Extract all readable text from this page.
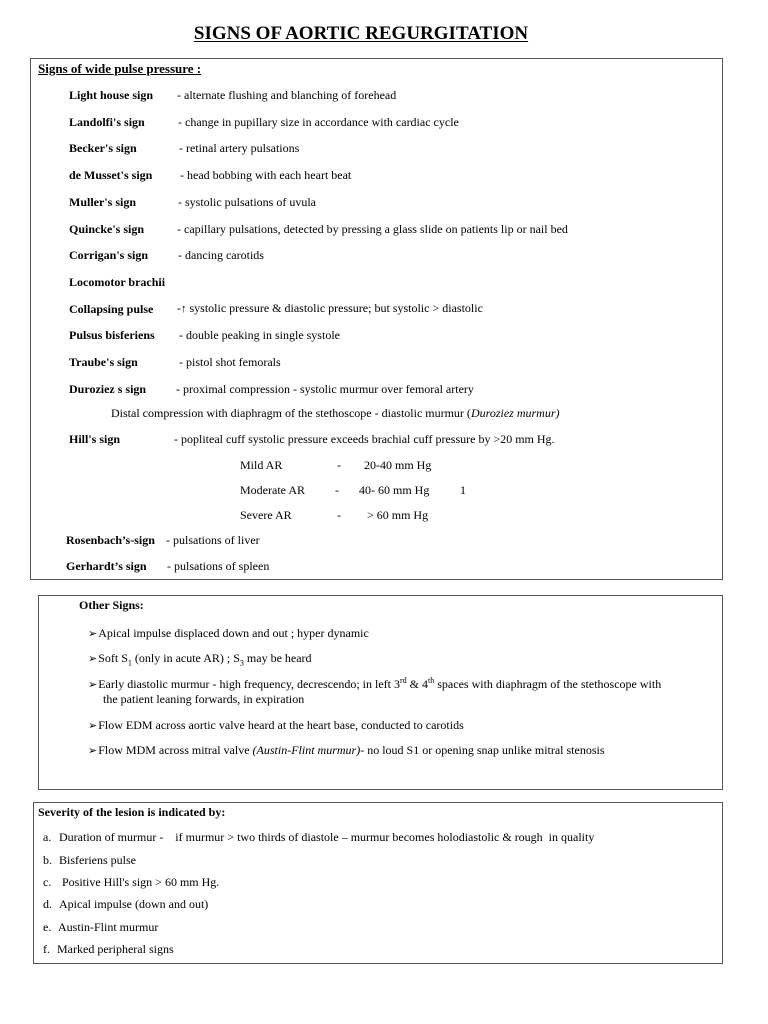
SIGNS OF AORTIC REGURGITATION
Signs of wide pulse pressure :
Light house sign - alternate flushing and blanching of forehead
Landolfi's sign	- change in pupillary size in accordance with cardiac cycle
Becker's sign	- retinal artery pulsations
de Musset's sign - head bobbing with each heart beat
Muller's sign	- systolic pulsations of uvula
Quincke's sign	- capillary pulsations, detected by pressing a glass slide on patients lip or nail bed
Corrigan's sign - dancing carotids
Locomotor brachii
Collapsing pulse -↑ systolic pressure & diastolic pressure; but systolic > diastolic
Pulsus bisferiens - double peaking in single systole
Traube's sign	- pistol shot femorals
Duroziez s sign - proximal compression - systolic murmur over femoral artery
Distal compression with diaphragm of the stethoscope - diastolic murmur (Duroziez murmur)
Hill's sign	- popliteal cuff systolic pressure exceeds brachial cuff pressure by >20 mm Hg.
Mild AR	- 20-40 mm Hg
Moderate AR	- 40- 60 mm Hg	1
Severe AR	- > 60 mm Hg
Rosenbach’s-sign - pulsations of liver
Gerhardt’s sign - pulsations of spleen
Other Signs:
➢Apical impulse displaced down and out ; hyper dynamic
➢Soft $S_1$ (only in acute AR) ; $S_3$ may be heard
➢Early diastolic murmur - high frequency, decrescendo; in left 3rd & 4th spaces with diaphragm of the stethoscope with
the patient leaning forwards, in expiration
➢Flow EDM across aortic valve heard at the heart base, conducted to carotids
➢Flow MDM across mitral valve (Austin-Flint murmur)- no loud S1 or opening snap unlike mitral stenosis
Severity of the lesion is indicated by:
a. Duration of murmur -    if murmur > two thirds of diastole – murmur becomes holodiastolic & rough  in quality
b. Bisferiens pulse
c. Positive Hill's sign > 60 mm Hg.
d. Apical impulse (down and out)
e. Austin-Flint murmur
f. Marked peripheral signs
